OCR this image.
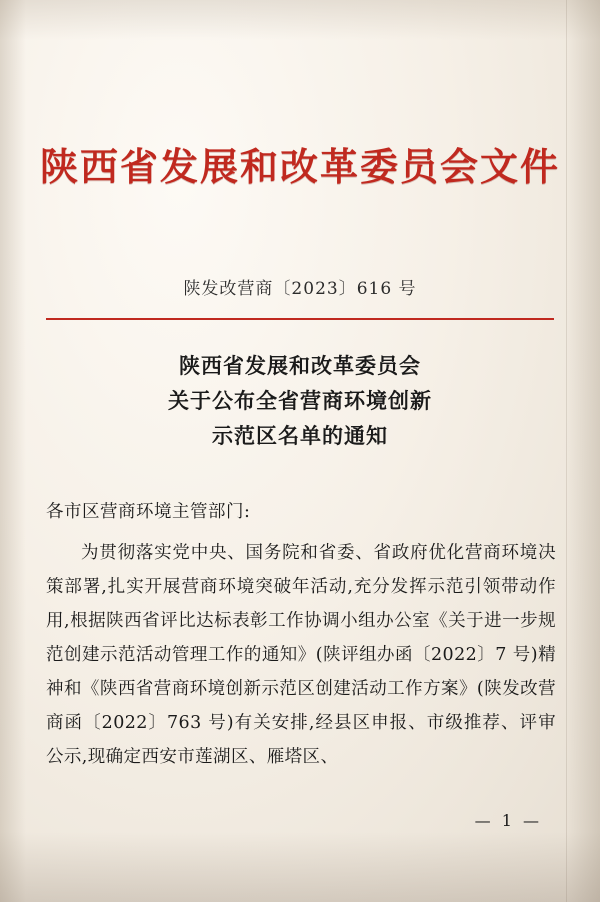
陕西省发展和改革委员会文件
陕发改营商〔2023〕616 号
陕西省发展和改革委员会
关于公布全省营商环境创新
示范区名单的通知
各市区营商环境主管部门:

为贯彻落实党中央、国务院和省委、省政府优化营商环境决策部署,扎实开展营商环境突破年活动,充分发挥示范引领带动作用,根据陕西省评比达标表彰工作协调小组办公室《关于进一步规范创建示范活动管理工作的通知》(陕评组办函〔2022〕7 号)精神和《陕西省营商环境创新示范区创建活动工作方案》(陕发改营商函〔2022〕763 号)有关安排,经县区申报、市级推荐、评审公示,现确定西安市莲湖区、雁塔区、

— 1 —
